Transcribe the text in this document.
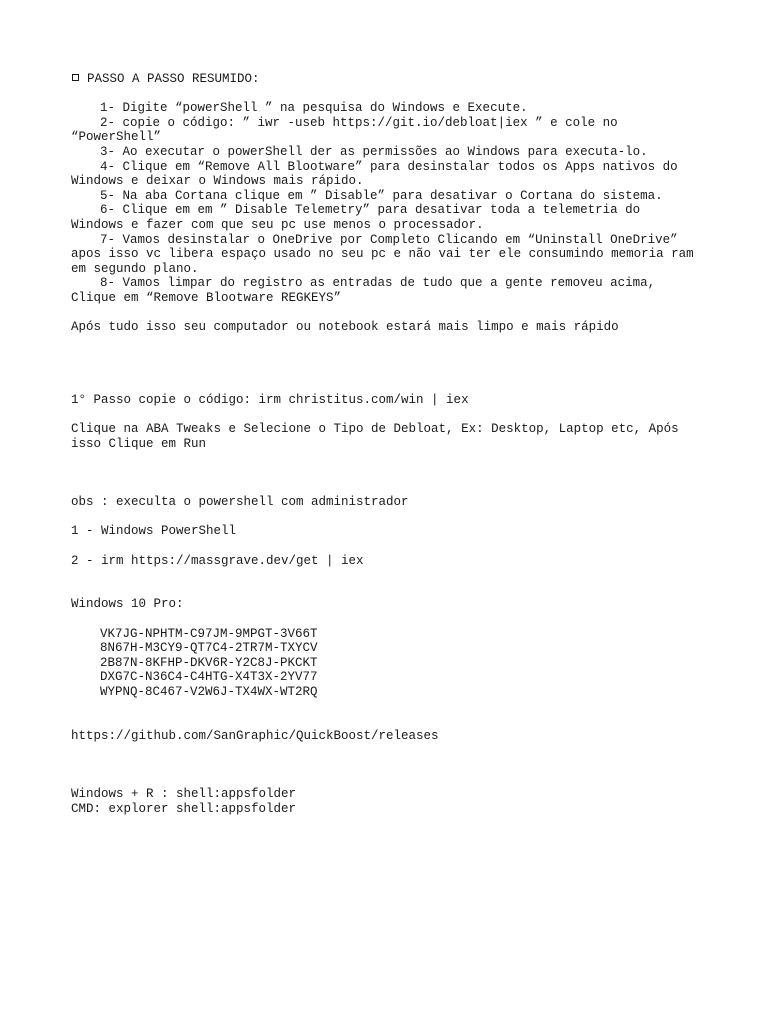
PASSO A PASSO RESUMIDO:
1- Digite “powerShell ” na pesquisa do Windows e Execute.
2- copie o código: ” iwr -useb https://git.io/debloat|iex ” e cole no
“PowerShell”
3- Ao executar o powerShell der as permissões ao Windows para executa-lo.
4- Clique em “Remove All Blootware” para desinstalar todos os Apps nativos do
Windows e deixar o Windows mais rápido.
5- Na aba Cortana clique em ” Disable” para desativar o Cortana do sistema.
6- Clique em em ” Disable Telemetry” para desativar toda a telemetria do
Windows e fazer com que seu pc use menos o processador.
7- Vamos desinstalar o OneDrive por Completo Clicando em “Uninstall OneDrive”
apos isso vc libera espaço usado no seu pc e não vai ter ele consumindo memoria ram
em segundo plano.
8- Vamos limpar do registro as entradas de tudo que a gente removeu acima,
Clique em “Remove Blootware REGKEYS”
Após tudo isso seu computador ou notebook estará mais limpo e mais rápido
1° Passo copie o código: irm christitus.com/win | iex
Clique na ABA Tweaks e Selecione o Tipo de Debloat, Ex: Desktop, Laptop etc, Após
isso Clique em Run
obs : execulta o powershell com administrador
1 - Windows PowerShell
2 - irm https://massgrave.dev/get | iex
Windows 10 Pro:
VK7JG-NPHTM-C97JM-9MPGT-3V66T
8N67H-M3CY9-QT7C4-2TR7M-TXYCV
2B87N-8KFHP-DKV6R-Y2C8J-PKCKT
DXG7C-N36C4-C4HTG-X4T3X-2YV77
WYPNQ-8C467-V2W6J-TX4WX-WT2RQ
https://github.com/SanGraphic/QuickBoost/releases
Windows + R : shell:appsfolder
CMD: explorer shell:appsfolder
